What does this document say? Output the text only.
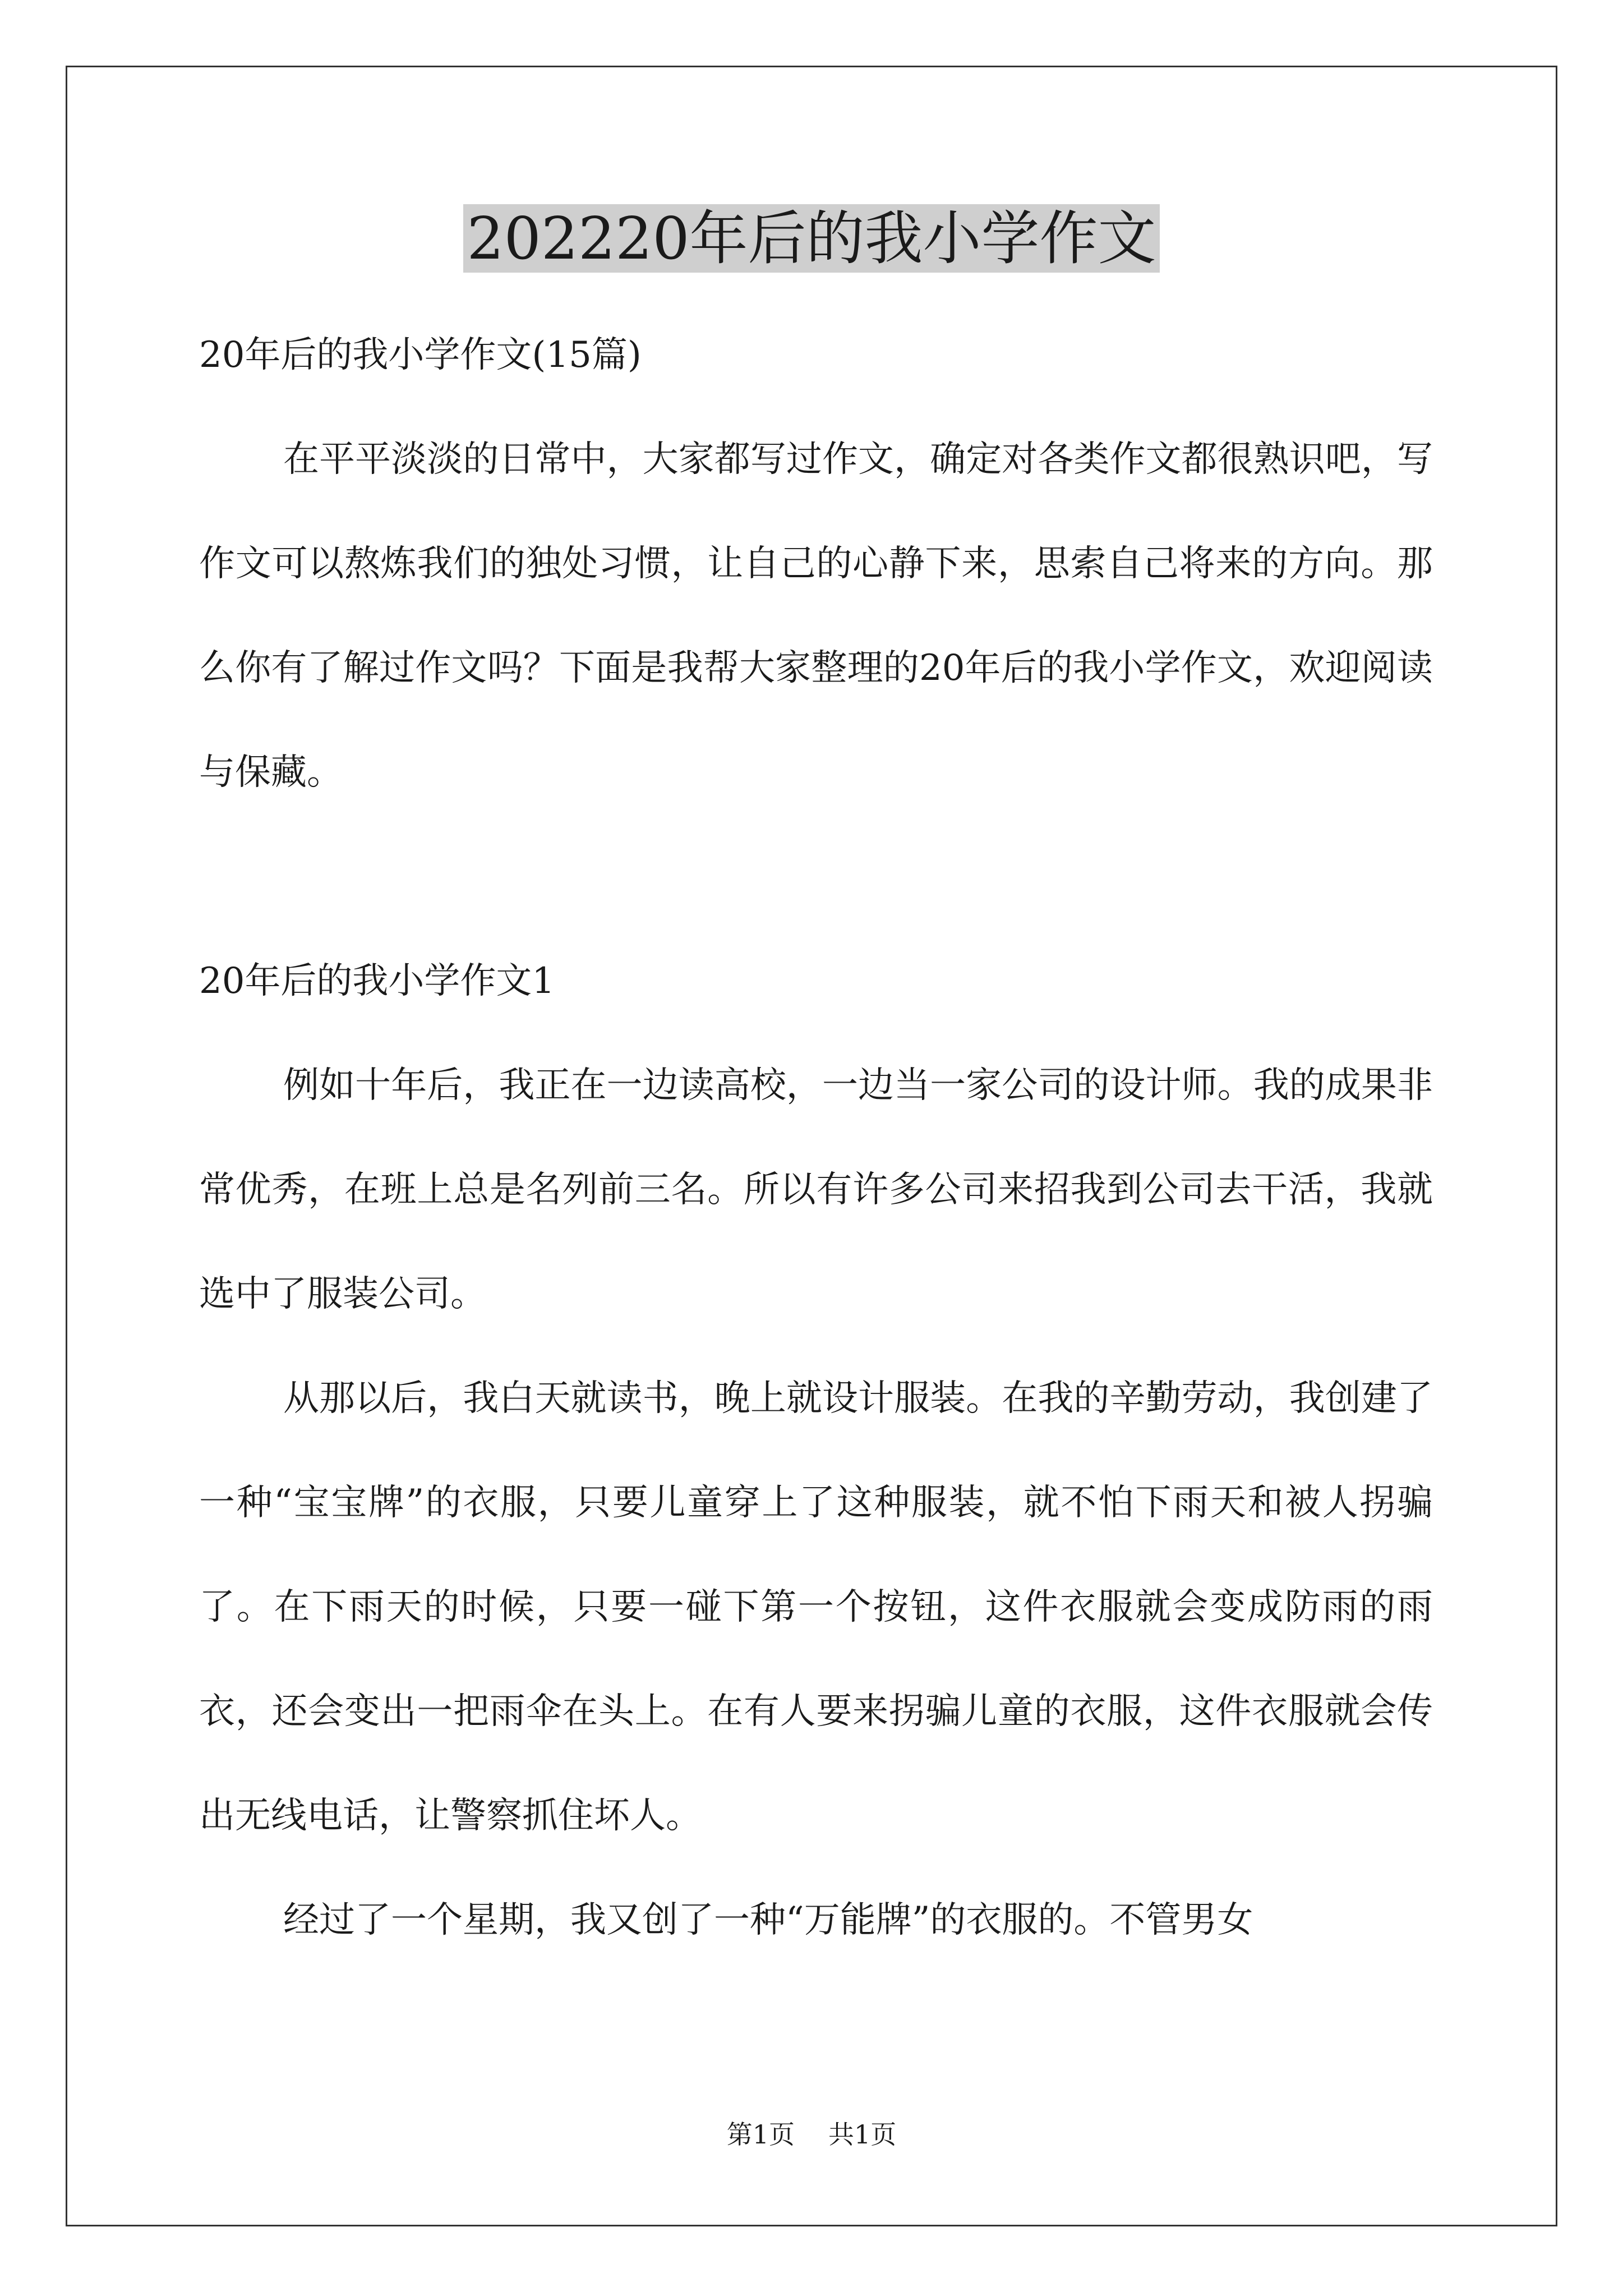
202220年后的我小学作文
20年后的我小学作文(15篇)

在平平淡淡的日常中，大家都写过作文，确定对各类作文都很熟识吧，写作文可以熬炼我们的独处习惯，让自己的心静下来，思索自己将来的方向。那么你有了解过作文吗？下面是我帮大家整理的20年后的我小学作文，欢迎阅读与保藏。

20年后的我小学作文1

例如十年后，我正在一边读高校，一边当一家公司的设计师。我的成果非常优秀，在班上总是名列前三名。所以有许多公司来招我到公司去干活，我就选中了服装公司。

从那以后，我白天就读书，晚上就设计服装。在我的辛勤劳动，我创建了一种“宝宝牌”的衣服，只要儿童穿上了这种服装，就不怕下雨天和被人拐骗了。在下雨天的时候，只要一碰下第一个按钮，这件衣服就会变成防雨的雨衣，还会变出一把雨伞在头上。在有人要来拐骗儿童的衣服，这件衣服就会传出无线电话，让警察抓住坏人。

经过了一个星期，我又创了一种“万能牌”的衣服的。不管男女

第1页 共1页
